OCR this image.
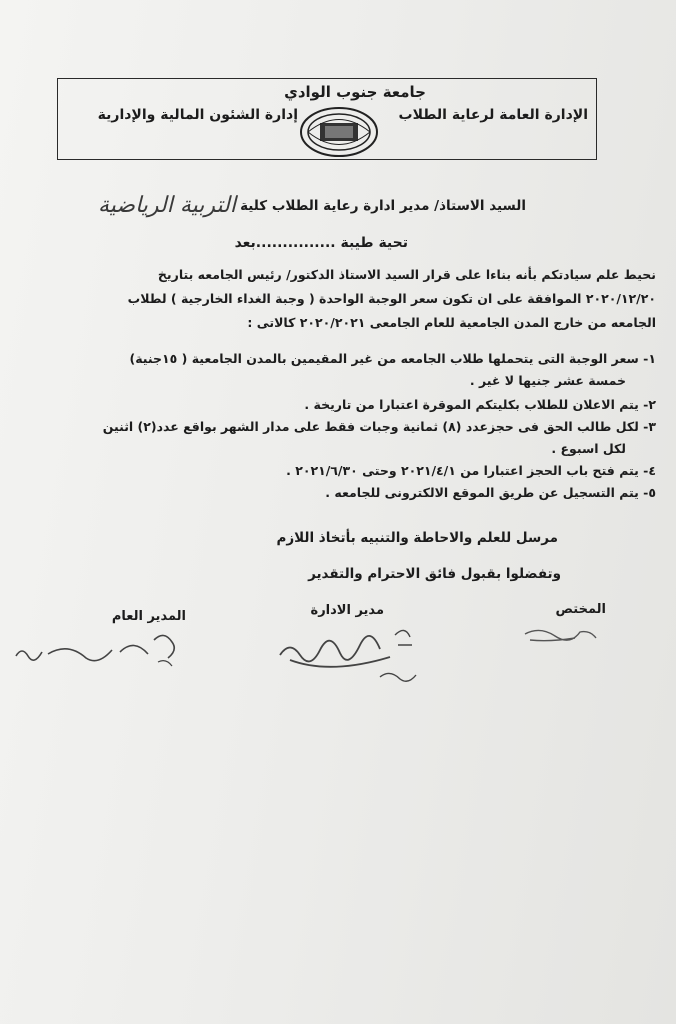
جامعة جنوب الوادي
الإدارة العامة لرعاية الطلاب
إدارة الشئون المالية والإدارية
السيد الاستاذ/ مدير ادارة رعاية الطلاب كلية
التربية الرياضية
تحية طيبة ...............بعد
نحيط علم سيادتكم بأنه بناءا على قرار السيد الاستاذ الدكتور/ رئيس الجامعه بتاريخ
٢٠٢٠/١٢/٢٠ الموافقة على ان تكون سعر الوجبة الواحدة ( وجبة الغداء الخارجية ) لطلاب
الجامعه من خارج المدن الجامعية للعام الجامعى ٢٠٢٠/٢٠٢١ كالاتى :
١- سعر الوجبة التى يتحملها طلاب الجامعه من غير المقيمين بالمدن الجامعية ( ١٥جنية)
خمسة عشر جنيها لا غير .
٢- يتم الاعلان للطلاب بكليتكم الموقرة اعتبارا من تاريخة .
٣- لكل طالب الحق فى حجزعدد (٨) ثمانية وجبات فقط على مدار الشهر بواقع عدد(٢) اثنين
لكل اسبوع .
٤- يتم فتح باب الحجز اعتبارا من ٢٠٢١/٤/١ وحتى ٢٠٢١/٦/٣٠ .
٥- يتم التسجيل عن طريق الموقع الالكترونى للجامعه .
مرسل للعلم والاحاطة والتنبيه بأتخاذ اللازم
وتفضلوا بقبول فائق الاحترام والتقدير
المختص
مدير الادارة
المدير العام
